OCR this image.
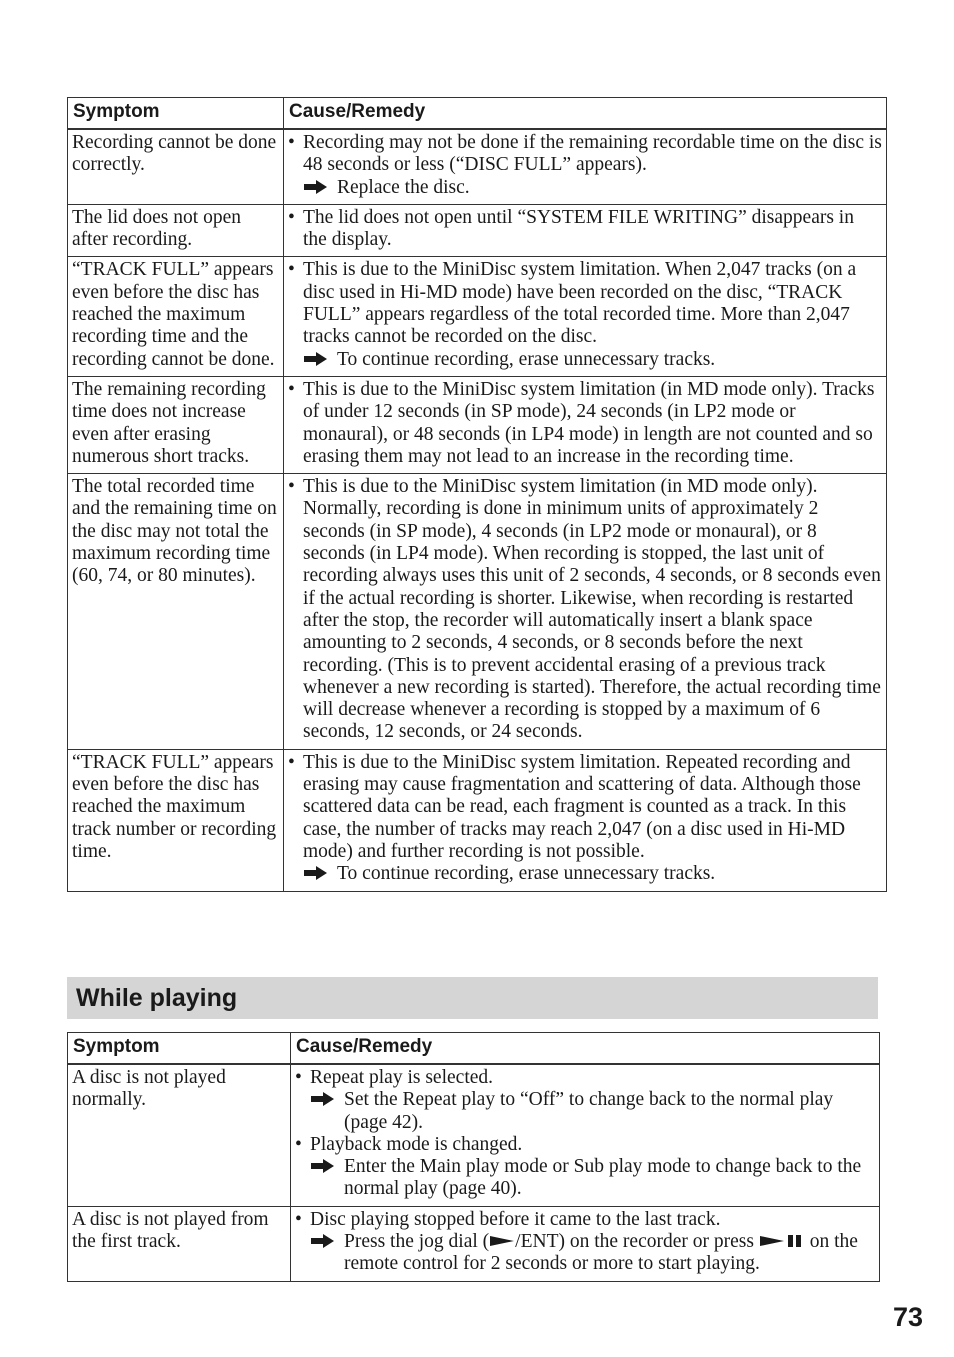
Symptom	Cause/Remedy
Recording cannot be done correctly.	• Recording may not be done if the remaining recordable time on the disc is 48 seconds or less (“DISC FULL” appears).
Replace the disc.

The lid does not open after recording.	• The lid does not open until “SYSTEM FILE WRITING” disappears in the display.

“TRACK FULL” appears even before the disc has reached the maximum recording time and the recording cannot be done.	• This is due to the MiniDisc system limitation. When 2,047 tracks (on a disc used in Hi-MD mode) have been recorded on the disc, “TRACK FULL” appears regardless of the total recorded time. More than 2,047 tracks cannot be recorded on the disc.
To continue recording, erase unnecessary tracks.

The remaining recording time does not increase even after erasing numerous short tracks.	• This is due to the MiniDisc system limitation (in MD mode only). Tracks of under 12 seconds (in SP mode), 24 seconds (in LP2 mode or monaural), or 48 seconds (in LP4 mode) in length are not counted and so erasing them may not lead to an increase in the recording time.

The total recorded time and the remaining time on the disc may not total the maximum recording time (60, 74, or 80 minutes).	• This is due to the MiniDisc system limitation (in MD mode only). Normally, recording is done in minimum units of approximately 2 seconds (in SP mode), 4 seconds (in LP2 mode or monaural), or 8 seconds (in LP4 mode). When recording is stopped, the last unit of recording always uses this unit of 2 seconds, 4 seconds, or 8 seconds even if the actual recording is shorter. Likewise, when recording is restarted after the stop, the recorder will automatically insert a blank space amounting to 2 seconds, 4 seconds, or 8 seconds before the next recording. (This is to prevent accidental erasing of a previous track whenever a new recording is started). Therefore, the actual recording time will decrease whenever a recording is stopped by a maximum of 6 seconds, 12 seconds, or 24 seconds.

“TRACK FULL” appears even before the disc has reached the maximum track number or recording time.	• This is due to the MiniDisc system limitation. Repeated recording and erasing may cause fragmentation and scattering of data. Although those scattered data can be read, each fragment is counted as a track. In this case, the number of tracks may reach 2,047 (on a disc used in Hi-MD mode) and further recording is not possible.
To continue recording, erase unnecessary tracks.
While playing
Symptom	Cause/Remedy
A disc is not played normally.	• Repeat play is selected.
Set the Repeat play to “Off” to change back to the normal play (page 42).
• Playback mode is changed.
Enter the Main play mode or Sub play mode to change back to the normal play (page 40).

A disc is not played from the first track.	• Disc playing stopped before it came to the last track.
Press the jog dial ( /ENT) on the recorder or press  on the remote control for 2 seconds or more to start playing.
73
